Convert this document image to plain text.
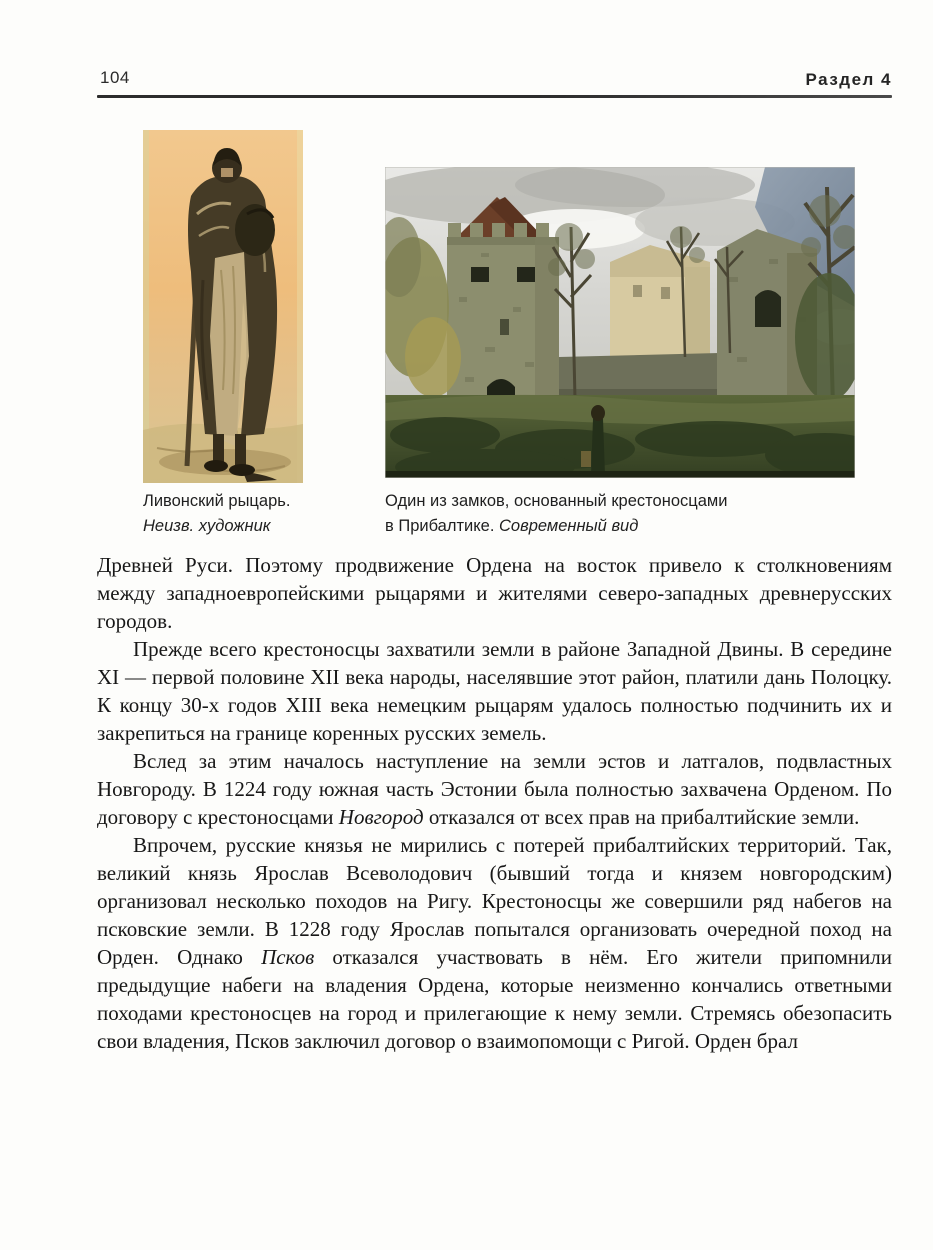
104	Раздел 4
Ливонский рыцарь.
Неизв. художник
Один из замков, основанный крестоносцами
в Прибалтике. Современный вид

Древней Руси. Поэтому продвижение Ордена на восток привело к столкновениям между западноевропейскими рыцарями и жителями северо-западных древнерусских городов.

Прежде всего крестоносцы захватили земли в районе Западной Двины. В середине XI — первой половине XII века народы, населявшие этот район, платили дань Полоцку. К концу 30-х годов XIII века немецким рыцарям удалось полностью подчинить их и закрепиться на границе коренных русских земель.

Вслед за этим началось наступление на земли эстов и латгалов, подвластных Новгороду. В 1224 году южная часть Эстонии была полностью захвачена Орденом. По договору с крестоносцами Новгород отказался от всех прав на прибалтийские земли.

Впрочем, русские князья не мирились с потерей прибалтийских территорий. Так, великий князь Ярослав Всеволодович (бывший тогда и князем новгородским) организовал несколько походов на Ригу. Крестоносцы же совершили ряд набегов на псковские земли. В 1228 году Ярослав попытался организовать очередной поход на Орден. Однако Псков отказался участвовать в нём. Его жители припомнили предыдущие набеги на владения Ордена, которые неизменно кончались ответными походами крестоносцев на город и прилегающие к нему земли. Стремясь обезопасить свои владения, Псков заключил договор о взаимопомощи с Ригой. Орден брал
